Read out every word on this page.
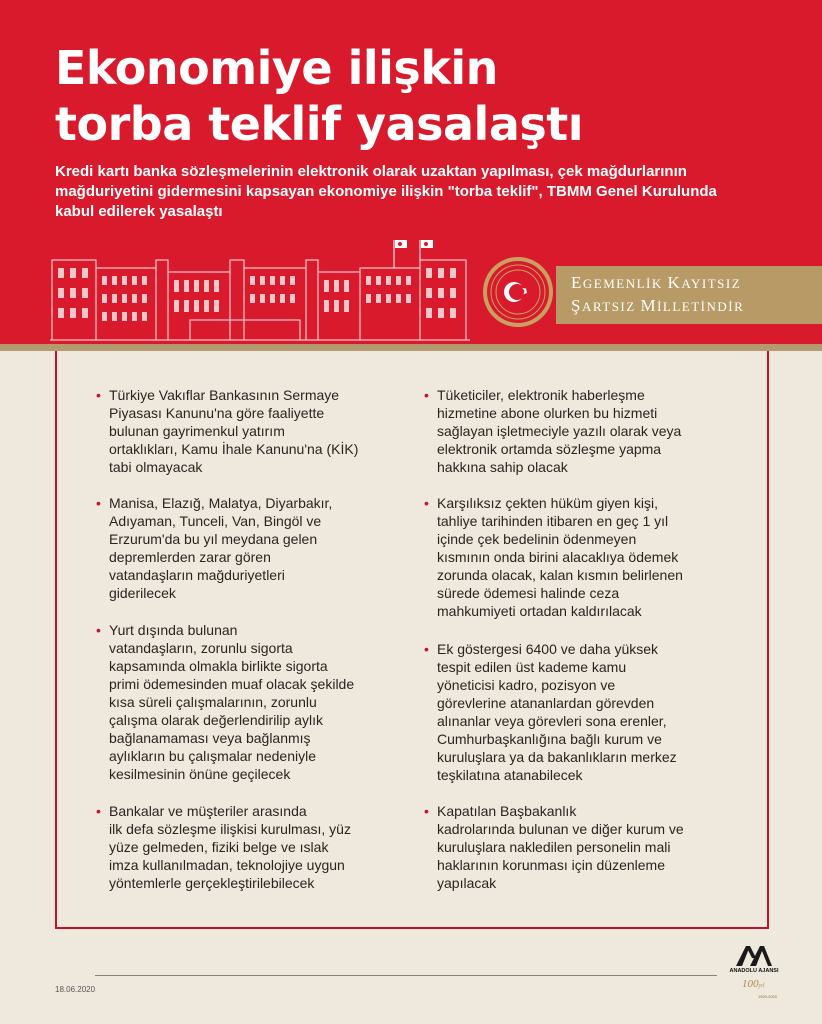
Ekonomiye ilişkin
torba teklif yasalaştı
Kredi kartı banka sözleşmelerinin elektronik olarak uzaktan yapılması, çek mağdurlarının mağduriyetini gidermesini kapsayan ekonomiye ilişkin "torba teklif", TBMM Genel Kurulunda kabul edilerek yasalaştı
EGEMENLİK KAYITSIZ
ŞARTSIZ MİLLETİNDİR
• Türkiye Vakıflar Bankasının Sermaye
Piyasası Kanunu'na göre faaliyette
bulunan gayrimenkul yatırım
ortaklıkları, Kamu İhale Kanunu'na (KİK)
tabi olmayacak
• Manisa, Elazığ, Malatya, Diyarbakır,
Adıyaman, Tunceli, Van, Bingöl ve
Erzurum'da bu yıl meydana gelen
depremlerden zarar gören
vatandaşların mağduriyetleri
giderilecek
• Yurt dışında bulunan
vatandaşların, zorunlu sigorta
kapsamında olmakla birlikte sigorta
primi ödemesinden muaf olacak şekilde
kısa süreli çalışmalarının, zorunlu
çalışma olarak değerlendirilip aylık
bağlanamaması veya bağlanmış
aylıkların bu çalışmalar nedeniyle
kesilmesinin önüne geçilecek
• Bankalar ve müşteriler arasında
ilk defa sözleşme ilişkisi kurulması, yüz
yüze gelmeden, fiziki belge ve ıslak
imza kullanılmadan, teknolojiye uygun
yöntemlerle gerçekleştirilebilecek
• Tüketiciler, elektronik haberleşme
hizmetine abone olurken bu hizmeti
sağlayan işletmeciyle yazılı olarak veya
elektronik ortamda sözleşme yapma
hakkına sahip olacak
• Karşılıksız çekten hüküm giyen kişi,
tahliye tarihinden itibaren en geç 1 yıl
içinde çek bedelinin ödenmeyen
kısmının onda birini alacaklıya ödemek
zorunda olacak, kalan kısmın belirlenen
sürede ödemesi halinde ceza
mahkumiyeti ortadan kaldırılacak
• Ek göstergesi 6400 ve daha yüksek
tespit edilen üst kademe kamu
yöneticisi kadro, pozisyon ve
görevlerine atananlardan görevden
alınanlar veya görevleri sona erenler,
Cumhurbaşkanlığına bağlı kurum ve
kuruluşlara ya da bakanlıkların merkez
teşkilatına atanabilecek
• Kapatılan Başbakanlık
kadrolarında bulunan ve diğer kurum ve
kuruluşlara nakledilen personelin mali
haklarının korunması için düzenleme
yapılacak
18.06.2020
ANADOLU AJANSI
100yıl
1920-2020
